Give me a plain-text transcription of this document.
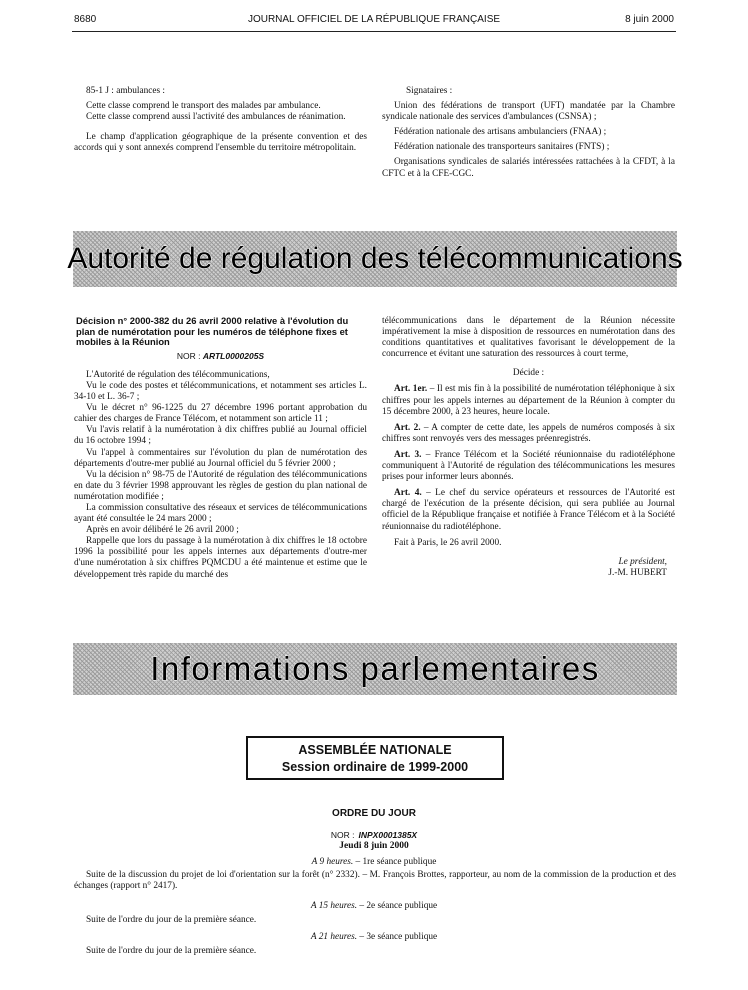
8680	JOURNAL OFFICIEL DE LA RÉPUBLIQUE FRANÇAISE	8 juin 2000

85-1 J : ambulances :

Cette classe comprend le transport des malades par ambulance.

Cette classe comprend aussi l'activité des ambulances de réanimation.

Le champ d'application géographique de la présente convention et des accords qui y sont annexés comprend l'ensemble du territoire métropolitain.

Signataires :

Union des fédérations de transport (UFT) mandatée par la Chambre syndicale nationale des services d'ambulances (CSNSA) ;

Fédération nationale des artisans ambulanciers (FNAA) ;

Fédération nationale des transporteurs sanitaires (FNTS) ;

Organisations syndicales de salariés intéressées rattachées à la CFDT, à la CFTC et à la CFE-CGC.

Autorité de régulation des télécommunications
Décision n° 2000-382 du 26 avril 2000 relative à l'évolution du plan de numérotation pour les numéros de téléphone fixes et mobiles à la Réunion
NOR : ARTL0000205S

L'Autorité de régulation des télécommunications,

Vu le code des postes et télécommunications, et notamment ses articles L. 34-10 et L. 36-7 ;

Vu le décret n° 96-1225 du 27 décembre 1996 portant approbation du cahier des charges de France Télécom, et notamment son article 11 ;

Vu l'avis relatif à la numérotation à dix chiffres publié au Journal officiel du 16 octobre 1994 ;

Vu l'appel à commentaires sur l'évolution du plan de numérotation des départements d'outre-mer publié au Journal officiel du 5 février 2000 ;

Vu la décision n° 98-75 de l'Autorité de régulation des télécommunications en date du 3 février 1998 approuvant les règles de gestion du plan national de numérotation modifiée ;

La commission consultative des réseaux et services de télécommunications ayant été consultée le 24 mars 2000 ;

Après en avoir délibéré le 26 avril 2000 ;

Rappelle que lors du passage à la numérotation à dix chiffres le 18 octobre 1996 la possibilité pour les appels internes aux départements d'outre-mer d'une numérotation à six chiffres PQMCDU a été maintenue et estime que le développement très rapide du marché des

télécommunications dans le département de la Réunion nécessite impérativement la mise à disposition de ressources en numérotation dans des conditions quantitatives et qualitatives favorisant le développement de la concurrence et évitant une saturation des ressources à court terme,

Décide :

Art. 1er. – Il est mis fin à la possibilité de numérotation téléphonique à six chiffres pour les appels internes au département de la Réunion à compter du 15 décembre 2000, à 23 heures, heure locale.

Art. 2. – A compter de cette date, les appels de numéros composés à six chiffres sont renvoyés vers des messages préenregistrés.

Art. 3. – France Télécom et la Société réunionnaise du radiotéléphone communiquent à l'Autorité de régulation des télécommunications les mesures prises pour informer leurs abonnés.

Art. 4. – Le chef du service opérateurs et ressources de l'Autorité est chargé de l'exécution de la présente décision, qui sera publiée au Journal officiel de la République française et notifiée à France Télécom et à la Société réunionnaise du radiotéléphone.

Fait à Paris, le 26 avril 2000.

Le président,
J.-M. HUBERT
Informations parlementaires
ASSEMBLÉE NATIONALE
Session ordinaire de 1999-2000
ORDRE DU JOUR
NOR : INPX0001385X
Jeudi 8 juin 2000
A 9 heures. – 1re séance publique

Suite de la discussion du projet de loi d'orientation sur la forêt (n° 2332). – M. François Brottes, rapporteur, au nom de la commission de la production et des échanges (rapport n° 2417).

A 15 heures. – 2e séance publique
Suite de l'ordre du jour de la première séance.
A 21 heures. – 3e séance publique
Suite de l'ordre du jour de la première séance.
